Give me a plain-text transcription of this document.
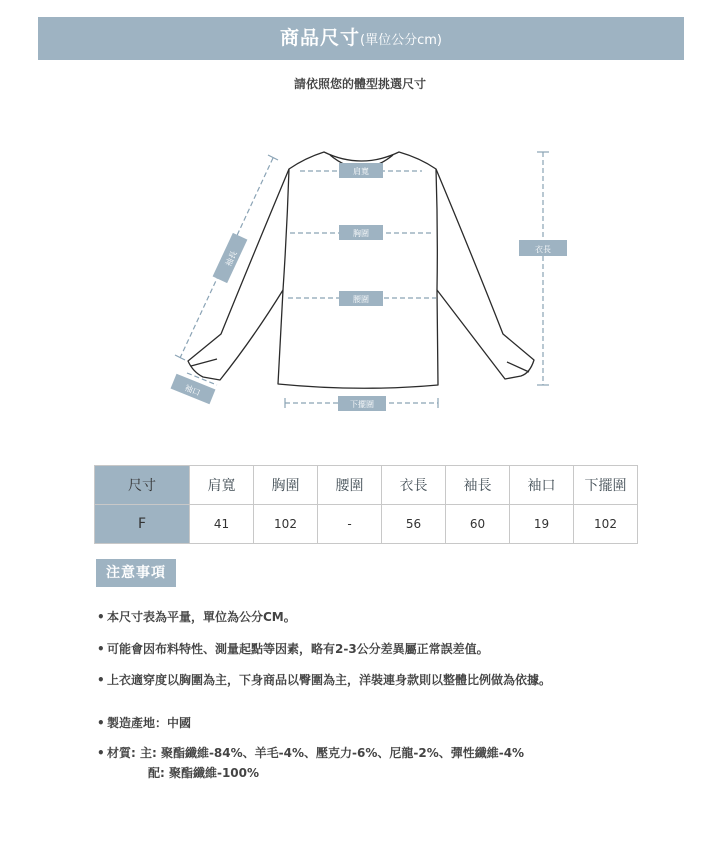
商品尺寸(單位公分cm)
請依照您的體型挑選尺寸
肩寬
胸圍
腰圍
衣長
袖長
袖口
下擺圍
尺寸	肩寬	胸圍	腰圍	衣長	袖長	袖口	下擺圍
F	41	102	-	56	60	19	102
注意事項
• 本尺寸表為平量，單位為公分CM。
• 可能會因布料特性、測量起點等因素，略有2-3公分差異屬正常誤差值。
• 上衣適穿度以胸圍為主，下身商品以臀圍為主，洋裝連身款則以整體比例做為依據。
• 製造產地：中國
• 材質: 主: 聚酯纖維-84%、羊毛-4%、壓克力-6%、尼龍-2%、彈性纖維-4%
配: 聚酯纖維-100%
